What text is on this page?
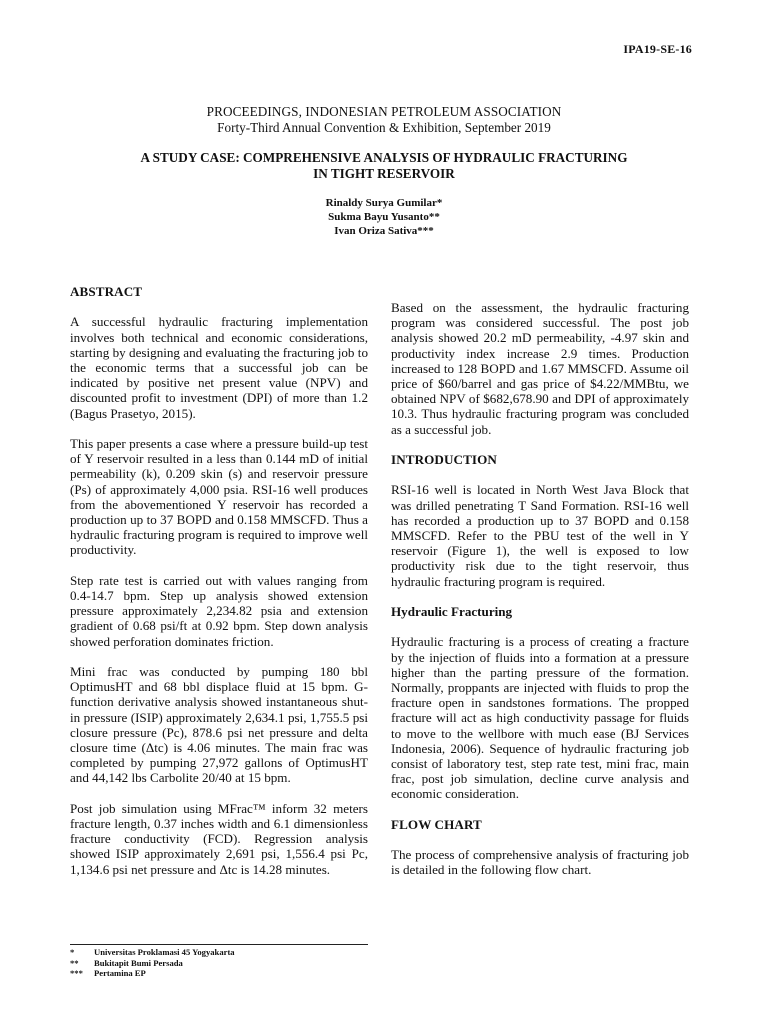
IPA19-SE-16
PROCEEDINGS, INDONESIAN PETROLEUM ASSOCIATION
Forty-Third Annual Convention & Exhibition, September 2019
A STUDY CASE: COMPREHENSIVE ANALYSIS OF HYDRAULIC FRACTURING
IN TIGHT RESERVOIR
Rinaldy Surya Gumilar*
Sukma Bayu Yusanto**
Ivan Oriza Sativa***
ABSTRACT

A successful hydraulic fracturing implementation involves both technical and economic considerations, starting by designing and evaluating the fracturing job to the economic terms that a successful job can be indicated by positive net present value (NPV) and discounted profit to investment (DPI) of more than 1.2 (Bagus Prasetyo, 2015).

This paper presents a case where a pressure build-up test of Y reservoir resulted in a less than 0.144 mD of initial permeability (k), 0.209 skin (s) and reservoir pressure (Ps) of approximately 4,000 psia. RSI-16 well produces from the abovementioned Y reservoir has recorded a production up to 37 BOPD and 0.158 MMSCFD. Thus a hydraulic fracturing program is required to improve well productivity.

Step rate test is carried out with values ranging from 0.4-14.7 bpm. Step up analysis showed extension pressure approximately 2,234.82 psia and extension gradient of 0.68 psi/ft at 0.92 bpm. Step down analysis showed perforation dominates friction.

Mini frac was conducted by pumping 180 bbl OptimusHT and 68 bbl displace fluid at 15 bpm. G-function derivative analysis showed instantaneous shut-in pressure (ISIP) approximately 2,634.1 psi, 1,755.5 psi closure pressure (Pc), 878.6 psi net pressure and delta closure time (Δtc) is 4.06 minutes. The main frac was completed by pumping 27,972 gallons of OptimusHT and 44,142 lbs Carbolite 20/40 at 15 bpm.

Post job simulation using MFrac™ inform 32 meters fracture length, 0.37 inches width and 6.1 dimensionless fracture conductivity (FCD). Regression analysis showed ISIP approximately 2,691 psi, 1,556.4 psi Pc, 1,134.6 psi net pressure and Δtc is 14.28 minutes.

Based on the assessment, the hydraulic fracturing program was considered successful. The post job analysis showed 20.2 mD permeability, -4.97 skin and productivity index increase 2.9 times. Production increased to 128 BOPD and 1.67 MMSCFD. Assume oil price of $60/barrel and gas price of $4.22/MMBtu, we obtained NPV of $682,678.90 and DPI of approximately 10.3. Thus hydraulic fracturing program was concluded as a successful job.

INTRODUCTION

RSI-16 well is located in North West Java Block that was drilled penetrating T Sand Formation. RSI-16 well has recorded a production up to 37 BOPD and 0.158 MMSCFD. Refer to the PBU test of the well in Y reservoir (Figure 1), the well is exposed to low productivity risk due to the tight reservoir, thus hydraulic fracturing program is required.

Hydraulic Fracturing

Hydraulic fracturing is a process of creating a fracture by the injection of fluids into a formation at a pressure higher than the parting pressure of the formation. Normally, proppants are injected with fluids to prop the fracture open in sandstones formations. The propped fracture will act as high conductivity passage for fluids to move to the wellbore with much ease (BJ Services Indonesia, 2006). Sequence of hydraulic fracturing job consist of laboratory test, step rate test, mini frac, main frac, post job simulation, decline curve analysis and economic consideration.

FLOW CHART

The process of comprehensive analysis of fracturing job is detailed in the following flow chart.

*	Universitas Proklamasi 45 Yogyakarta
**	Bukitapit Bumi Persada
***	Pertamina EP
